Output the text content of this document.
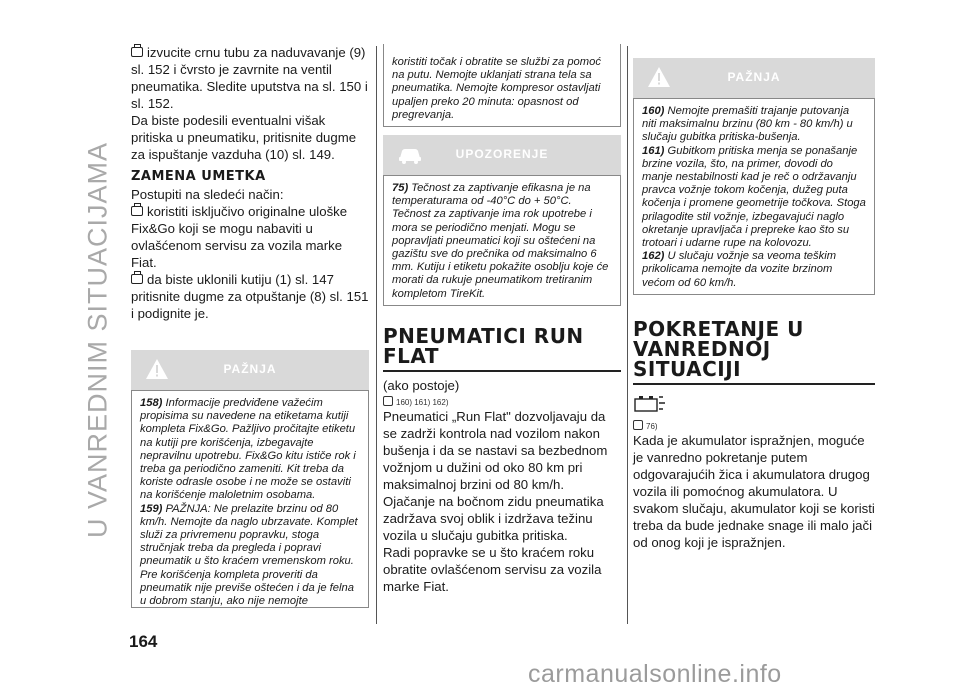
U VANREDNIM SITUACIJAMA

izvucite crnu tubu za naduvavanje (9) sl. 152 i čvrsto je zavrnite na ventil pneumatika. Sledite uputstva na sl. 150 i sl. 152.

Da biste podesili eventualni višak pritiska u pneumatiku, pritisnite dugme za ispuštanje vazduha (10) sl. 149.

ZAMENA UMETKA

Postupiti na sledeći način:

koristiti isključivo originalne uloške Fix&Go koji se mogu nabaviti u ovlašćenom servisu za vozila marke Fiat.

da biste uklonili kutiju (1) sl. 147 pritisnite dugme za otpuštanje (8) sl. 151 i podignite je.

PAŽNJA
158) Informacije predviđene važećim propisima su navedene na etiketama kutiji kompleta Fix&Go. Pažljivo pročitajte etiketu na kutiji pre korišćenja, izbegavajte nepravilnu upotrebu. Fix&Go kitu ističe rok i treba ga periodično zameniti. Kit treba da koriste odrasle osobe i ne može se ostaviti na korišćenje maloletnim osobama.
159) PAŽNJA: Ne prelazite brzinu od 80 km/h. Nemojte da naglo ubrzavate. Komplet služi za privremenu popravku, stoga stručnjak treba da pregleda i popravi pneumatik u što kraćem vremenskom roku. Pre korišćenja kompleta proveriti da pneumatik nije previše oštećen i da je felna u dobrom stanju, ako nije nemojte
koristiti točak i obratite se službi za pomoć na putu. Nemojte uklanjati strana tela sa pneumatika. Nemojte kompresor ostavljati upaljen preko 20 minuta: opasnost od pregrevanja.
UPOZORENJE
75) Tečnost za zaptivanje efikasna je na temperaturama od -40°C do + 50°C. Tečnost za zaptivanje ima rok upotrebe i mora se periodično menjati. Mogu se popravljati pneumatici koji su oštećeni na gazištu sve do prečnika od maksimalno 6 mm. Kutiju i etiketu pokažite osoblju koje će morati da rukuje pneumatikom tretiranim kompletom TireKit.
PNEUMATICI RUN FLAT

(ako postoje)

160) 161) 162)

Pneumatici „Run Flat" dozvoljavaju da se zadrži kontrola nad vozilom nakon bušenja i da se nastavi sa bezbednom vožnjom u dužini od oko 80 km pri maksimalnoj brzini od 80 km/h.

Ojačanje na bočnom zidu pneumatika zadržava svoj oblik i izdržava težinu vozila u slučaju gubitka pritiska.

Radi popravke se u što kraćem roku obratite ovlašćenom servisu za vozila marke Fiat.

PAŽNJA
160) Nemojte premašiti trajanje putovanja niti maksimalnu brzinu (80 km - 80 km/h) u slučaju gubitka pritiska-bušenja.
161) Gubitkom pritiska menja se ponašanje brzine vozila, što, na primer, dovodi do manje nestabilnosti kad je reč o održavanju pravca vožnje tokom kočenja, dužeg puta kočenja i promene geometrije točkova. Stoga prilagodite stil vožnje, izbegavajući naglo okretanje upravljača i prepreke kao što su trotoari i udarne rupe na kolovozu.
162) U slučaju vožnje sa veoma teškim prikolicama nemojte da vozite brzinom većom od 60 km/h.
POKRETANJE U VANREDNOJ SITUACIJI
76)

Kada je akumulator ispražnjen, moguće je vanredno pokretanje putem odgovarajućih žica i akumulatora drugog vozila ili pomoćnog akumulatora. U svakom slučaju, akumulator koji se koristi treba da bude jednake snage ili malo jači od onog koji je ispražnjen.

164
carmanualsonline.info
